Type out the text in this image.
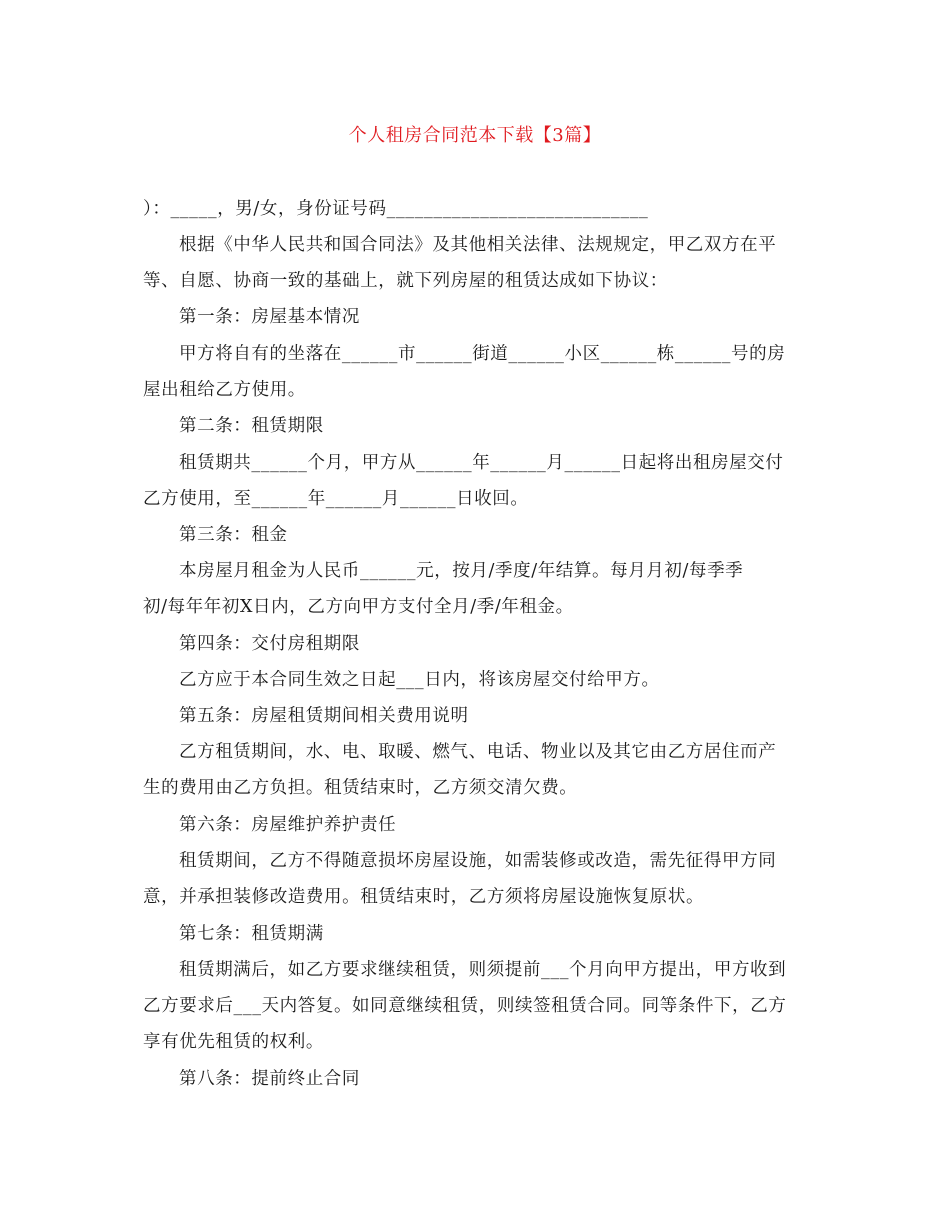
个人租房合同范本下载【3篇】
）：_____，男/女，身份证号码____________________________
根据《中华人民共和国合同法》及其他相关法律、法规规定，甲乙双方在平
等、自愿、协商一致的基础上，就下列房屋的租赁达成如下协议：
第一条：房屋基本情况
甲方将自有的坐落在______市______街道______小区______栋______号的房
屋出租给乙方使用。
第二条：租赁期限
租赁期共______个月，甲方从______年______月______日起将出租房屋交付
乙方使用，至______年______月______日收回。
第三条：租金
本房屋月租金为人民币______元，按月/季度/年结算。每月月初/每季季
初/每年年初X日内，乙方向甲方支付全月/季/年租金。
第四条：交付房租期限
乙方应于本合同生效之日起___日内，将该房屋交付给甲方。
第五条：房屋租赁期间相关费用说明
乙方租赁期间，水、电、取暖、燃气、电话、物业以及其它由乙方居住而产
生的费用由乙方负担。租赁结束时，乙方须交清欠费。
第六条：房屋维护养护责任
租赁期间，乙方不得随意损坏房屋设施，如需装修或改造，需先征得甲方同
意，并承担装修改造费用。租赁结束时，乙方须将房屋设施恢复原状。
第七条：租赁期满
租赁期满后，如乙方要求继续租赁，则须提前___个月向甲方提出，甲方收到
乙方要求后___天内答复。如同意继续租赁，则续签租赁合同。同等条件下，乙方
享有优先租赁的权利。
第八条：提前终止合同
